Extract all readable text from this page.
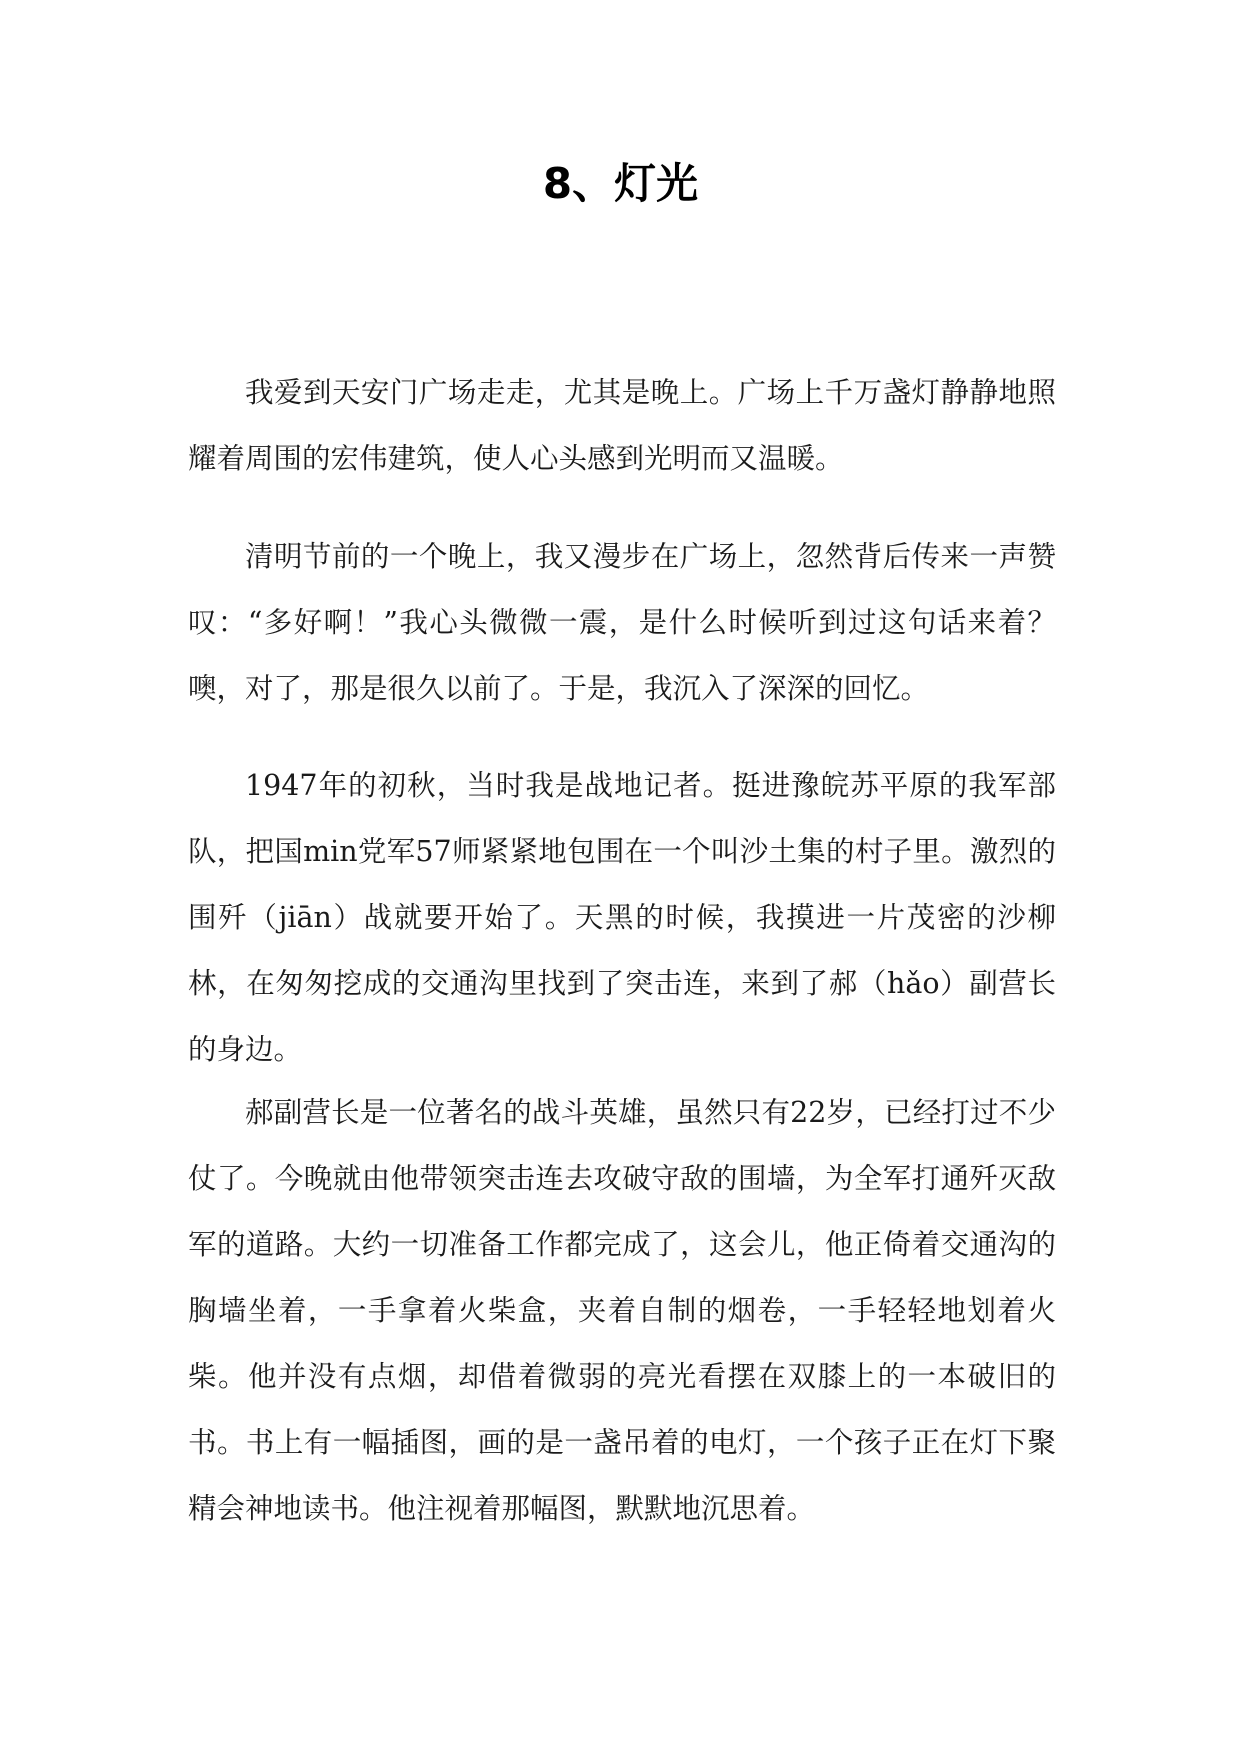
8、灯光

我爱到天安门广场走走，尤其是晚上。广场上千万盏灯静静地照耀着周围的宏伟建筑，使人心头感到光明而又温暖。

清明节前的一个晚上，我又漫步在广场上，忽然背后传来一声赞叹：“多好啊！”我心头微微一震，是什么时候听到过这句话来着？噢，对了，那是很久以前了。于是，我沉入了深深的回忆。

1947年的初秋，当时我是战地记者。挺进豫皖苏平原的我军部队，把国min党军57师紧紧地包围在一个叫沙土集的村子里。激烈的围歼（jiān）战就要开始了。天黑的时候，我摸进一片茂密的沙柳林，在匆匆挖成的交通沟里找到了突击连，来到了郝（hǎo）副营长的身边。

郝副营长是一位著名的战斗英雄，虽然只有22岁，已经打过不少仗了。今晚就由他带领突击连去攻破守敌的围墙，为全军打通歼灭敌军的道路。大约一切准备工作都完成了，这会儿，他正倚着交通沟的胸墙坐着，一手拿着火柴盒，夹着自制的烟卷，一手轻轻地划着火柴。他并没有点烟，却借着微弱的亮光看摆在双膝上的一本破旧的书。书上有一幅插图，画的是一盏吊着的电灯，一个孩子正在灯下聚精会神地读书。他注视着那幅图，默默地沉思着。
